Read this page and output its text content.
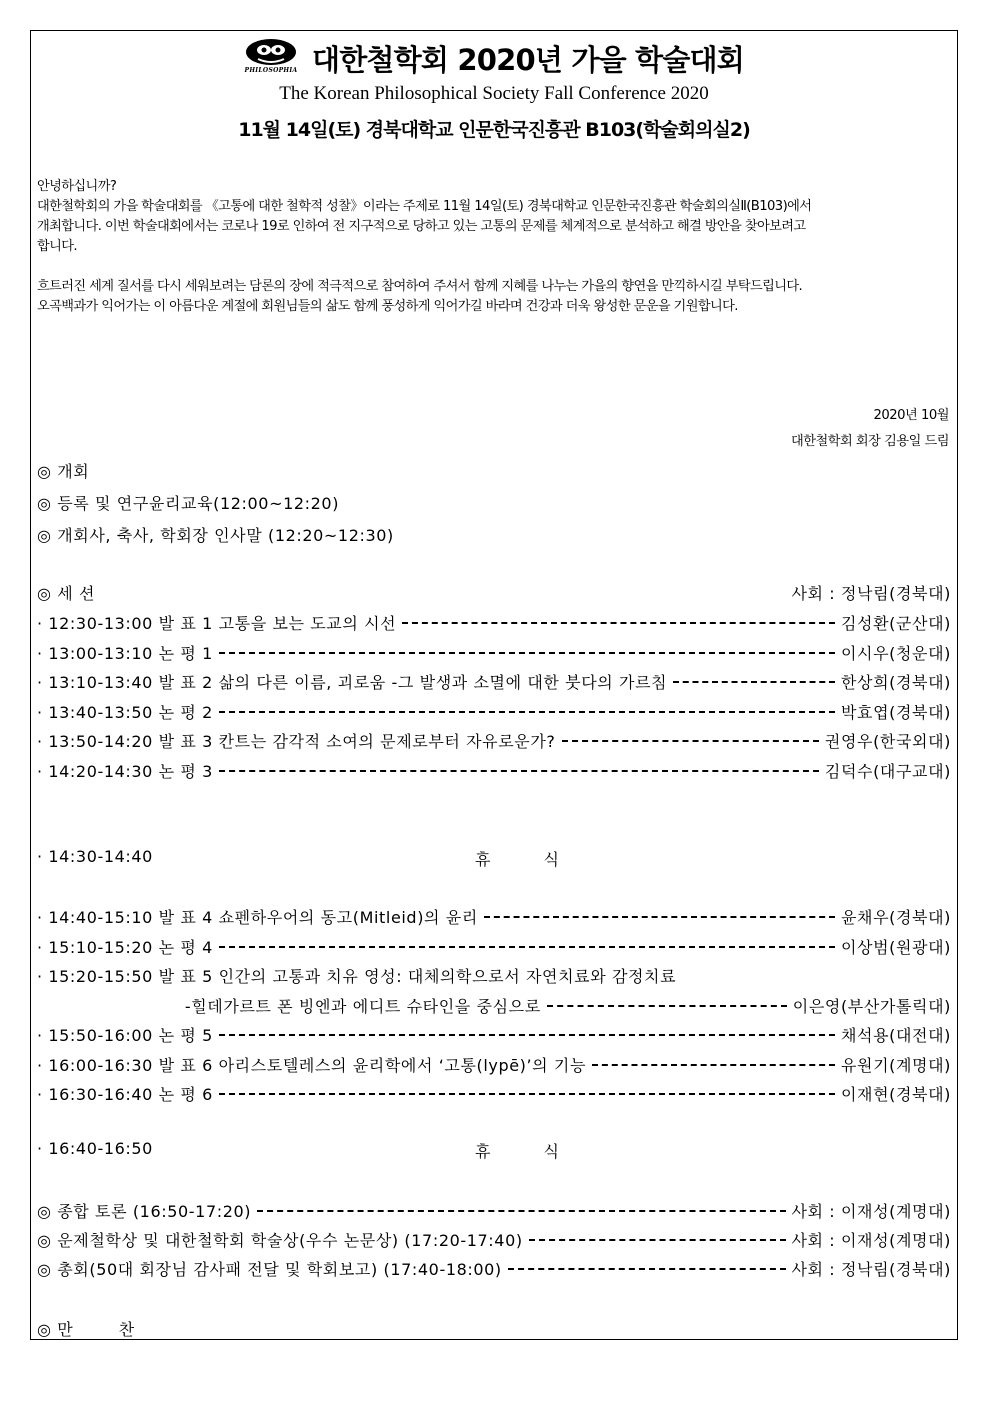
PHILOSOPHIA 대한철학회 2020년 가을 학술대회
The Korean Philosophical Society Fall Conference 2020
11월 14일(토) 경북대학교 인문한국진흥관 B103(학술회의실2)

안녕하십니까?

대한철학회의 가을 학술대회를 《고통에 대한 철학적 성찰》이라는 주제로 11월 14일(토) 경북대학교 인문한국진흥관 학술회의실Ⅱ(B103)에서

개최합니다. 이번 학술대회에서는 코로나 19로 인하여 전 지구적으로 당하고 있는 고통의 문제를 체계적으로 분석하고 해결 방안을 찾아보려고

합니다.

흐트러진 세계 질서를 다시 세워보려는 담론의 장에 적극적으로 참여하여 주셔서 함께 지혜를 나누는 가을의 향연을 만끽하시길 부탁드립니다.

오곡백과가 익어가는 이 아름다운 계절에 회원님들의 삶도 함께 풍성하게 익어가길 바라며 건강과 더욱 왕성한 문운을 기원합니다.

2020년 10월
대한철학회 회장 김용일 드림
◎ 개회
◎ 등록 및 연구윤리교육(12:00~12:20)
◎ 개회사, 축사, 학회장 인사말 (12:20~12:30)
◎ 세 션	사회 : 정낙림(경북대)
· 12:30-13:00 발 표 1 고통을 보는 도교의 시선	김성환(군산대)
· 13:00-13:10 논 평 1	이시우(청운대)
· 13:10-13:40 발 표 2 삶의 다른 이름, 괴로움 -그 발생과 소멸에 대한 붓다의 가르침	한상희(경북대)
· 13:40-13:50 논 평 2	박효엽(경북대)
· 13:50-14:20 발 표 3 칸트는 감각적 소여의 문제로부터 자유로운가?	권영우(한국외대)
· 14:20-14:30 논 평 3	김덕수(대구교대)
· 14:30-14:40	휴 식
· 14:40-15:10 발 표 4 쇼펜하우어의 동고(Mitleid)의 윤리	윤채우(경북대)
· 15:10-15:20 논 평 4	이상범(원광대)
· 15:20-15:50 발 표 5 인간의 고통과 치유 영성: 대체의학으로서 자연치료와 감정치료
-힐데가르트 폰 빙엔과 에디트 슈타인을 중심으로	이은영(부산가톨릭대)
· 15:50-16:00 논 평 5	채석용(대전대)
· 16:00-16:30 발 표 6 아리스토텔레스의 윤리학에서 ‘고통(lypē)’의 기능	유원기(계명대)
· 16:30-16:40 논 평 6	이재현(경북대)
· 16:40-16:50	휴 식
◎ 종합 토론 (16:50-17:20)	사회 : 이재성(계명대)
◎ 운제철학상 및 대한철학회 학술상(우수 논문상) (17:20-17:40)	사회 : 이재성(계명대)
◎ 총회(50대 회장님 감사패 전달 및 학회보고) (17:40-18:00)	사회 : 정낙림(경북대)
◎ 만        찬
